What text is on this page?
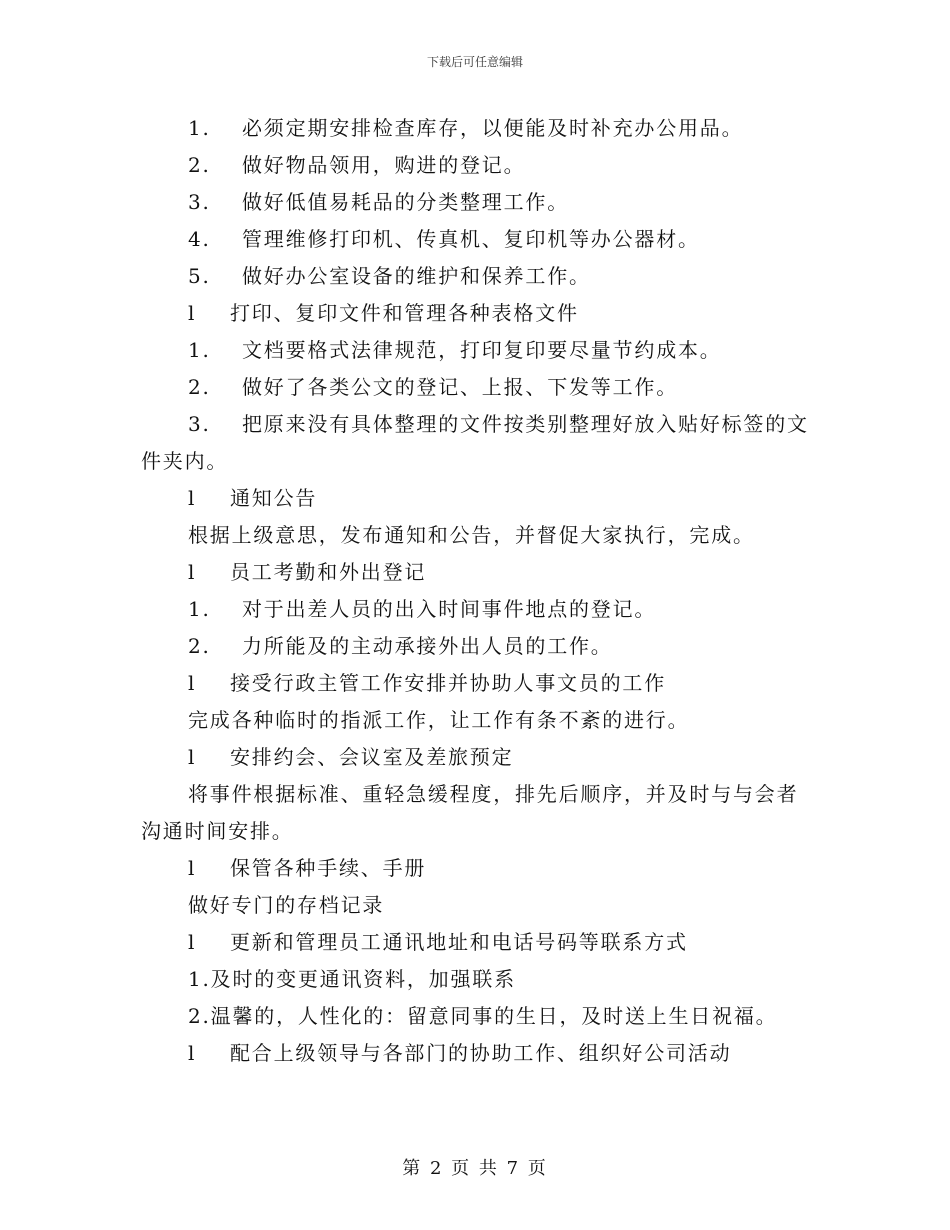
下载后可任意编辑
1. 必须定期安排检查库存，以便能及时补充办公用品。
2. 做好物品领用，购进的登记。
3. 做好低值易耗品的分类整理工作。
4. 管理维修打印机、传真机、复印机等办公器材。
5. 做好办公室设备的维护和保养工作。
l 打印、复印文件和管理各种表格文件
1. 文档要格式法律规范，打印复印要尽量节约成本。
2. 做好了各类公文的登记、上报、下发等工作。
3. 把原来没有具体整理的文件按类别整理好放入贴好标签的文
件夹内。
l 通知公告
根据上级意思，发布通知和公告，并督促大家执行，完成。
l 员工考勤和外出登记
1. 对于出差人员的出入时间事件地点的登记。
2. 力所能及的主动承接外出人员的工作。
l 接受行政主管工作安排并协助人事文员的工作
完成各种临时的指派工作，让工作有条不紊的进行。
l 安排约会、会议室及差旅预定
将事件根据标准、重轻急缓程度，排先后顺序，并及时与与会者
沟通时间安排。
l 保管各种手续、手册
做好专门的存档记录
l 更新和管理员工通讯地址和电话号码等联系方式
1.及时的变更通讯资料，加强联系
2.温馨的，人性化的：留意同事的生日，及时送上生日祝福。
l 配合上级领导与各部门的协助工作、组织好公司活动
第 2 页 共 7 页
